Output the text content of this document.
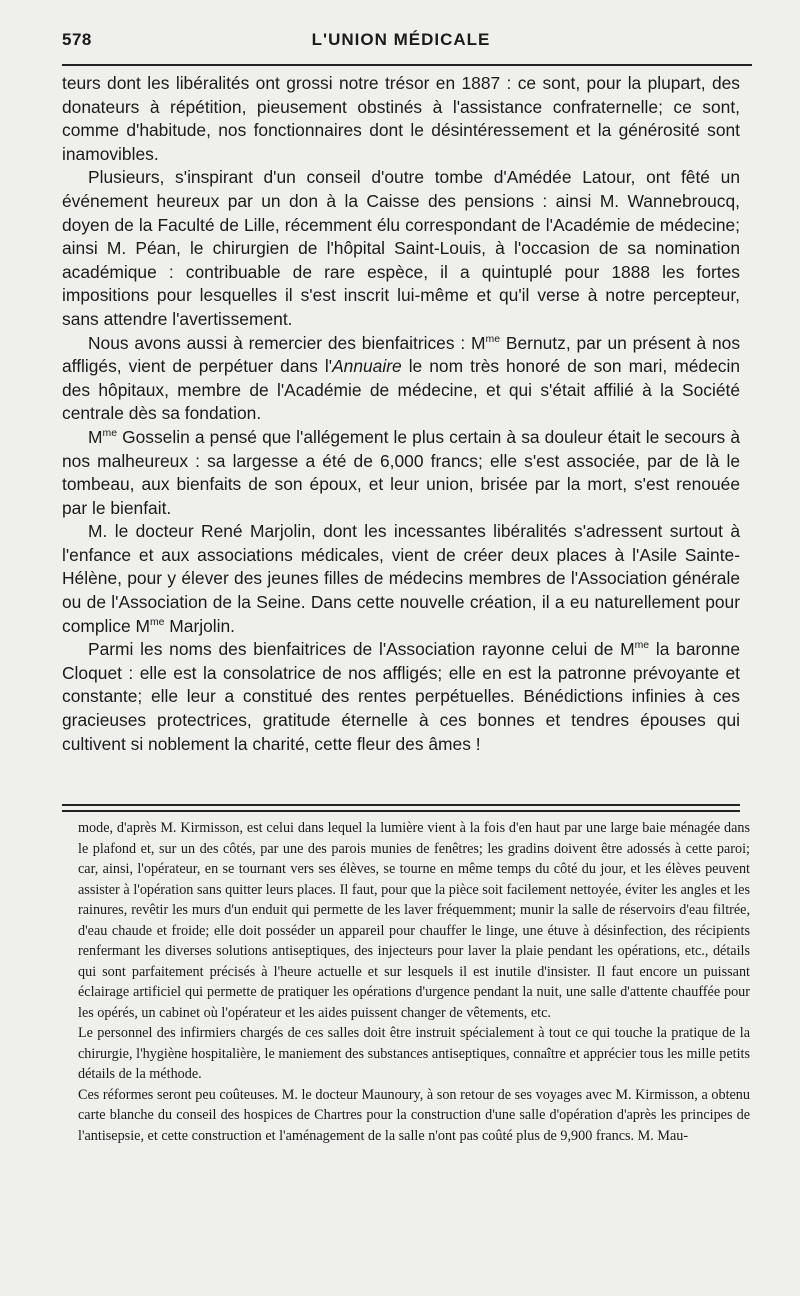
578	L'UNION MÉDICALE

teurs dont les libéralités ont grossi notre trésor en 1887 : ce sont, pour la plupart, des donateurs à répétition, pieusement obstinés à l'assistance confraternelle; ce sont, comme d'habitude, nos fonctionnaires dont le désintéressement et la générosité sont inamovibles.

Plusieurs, s'inspirant d'un conseil d'outre tombe d'Amédée Latour, ont fêté un événement heureux par un don à la Caisse des pensions : ainsi M. Wannebroucq, doyen de la Faculté de Lille, récemment élu correspondant de l'Académie de médecine; ainsi M. Péan, le chirurgien de l'hôpital Saint-Louis, à l'occasion de sa nomination académique : contribuable de rare espèce, il a quintuplé pour 1888 les fortes impositions pour lesquelles il s'est inscrit lui-même et qu'il verse à notre percepteur, sans attendre l'avertissement.

Nous avons aussi à remercier des bienfaitrices : $M^{me}$ Bernutz, par un présent à nos affligés, vient de perpétuer dans l'Annuaire le nom très honoré de son mari, médecin des hôpitaux, membre de l'Académie de médecine, et qui s'était affilié à la Société centrale dès sa fondation.

$M^{me}$ Gosselin a pensé que l'allégement le plus certain à sa douleur était le secours à nos malheureux : sa largesse a été de 6,000 francs; elle s'est associée, par de là le tombeau, aux bienfaits de son époux, et leur union, brisée par la mort, s'est renouée par le bienfait.

M. le docteur René Marjolin, dont les incessantes libéralités s'adressent surtout à l'enfance et aux associations médicales, vient de créer deux places à l'Asile Sainte-Hélène, pour y élever des jeunes filles de médecins membres de l'Association générale ou de l'Association de la Seine. Dans cette nouvelle création, il a eu naturellement pour complice $M^{me}$ Marjolin.

Parmi les noms des bienfaitrices de l'Association rayonne celui de $M^{me}$ la baronne Cloquet : elle est la consolatrice de nos affligés; elle en est la patronne prévoyante et constante; elle leur a constitué des rentes perpétuelles. Bénédictions infinies à ces gracieuses protectrices, gratitude éternelle à ces bonnes et tendres épouses qui cultivent si noblement la charité, cette fleur des âmes !

mode, d'après M. Kirmisson, est celui dans lequel la lumière vient à la fois d'en haut par une large baie ménagée dans le plafond et, sur un des côtés, par une des parois munies de fenêtres; les gradins doivent être adossés à cette paroi; car, ainsi, l'opérateur, en se tournant vers ses élèves, se tourne en même temps du côté du jour, et les élèves peuvent assister à l'opération sans quitter leurs places. Il faut, pour que la pièce soit facilement nettoyée, éviter les angles et les rainures, revêtir les murs d'un enduit qui permette de les laver fréquemment; munir la salle de réservoirs d'eau filtrée, d'eau chaude et froide; elle doit posséder un appareil pour chauffer le linge, une étuve à désinfection, des récipients renfermant les diverses solutions antiseptiques, des injecteurs pour laver la plaie pendant les opérations, etc., détails qui sont parfaitement précisés à l'heure actuelle et sur lesquels il est inutile d'insister. Il faut encore un puissant éclairage artificiel qui permette de pratiquer les opérations d'urgence pendant la nuit, une salle d'attente chauffée pour les opérés, un cabinet où l'opérateur et les aides puissent changer de vêtements, etc.

Le personnel des infirmiers chargés de ces salles doit être instruit spécialement à tout ce qui touche la pratique de la chirurgie, l'hygiène hospitalière, le maniement des substances antiseptiques, connaître et apprécier tous les mille petits détails de la méthode.

Ces réformes seront peu coûteuses. M. le docteur Maunoury, à son retour de ses voyages avec M. Kirmisson, a obtenu carte blanche du conseil des hospices de Chartres pour la construction d'une salle d'opération d'après les principes de l'antisepsie, et cette construction et l'aménagement de la salle n'ont pas coûté plus de 9,900 francs. M. Mau-
